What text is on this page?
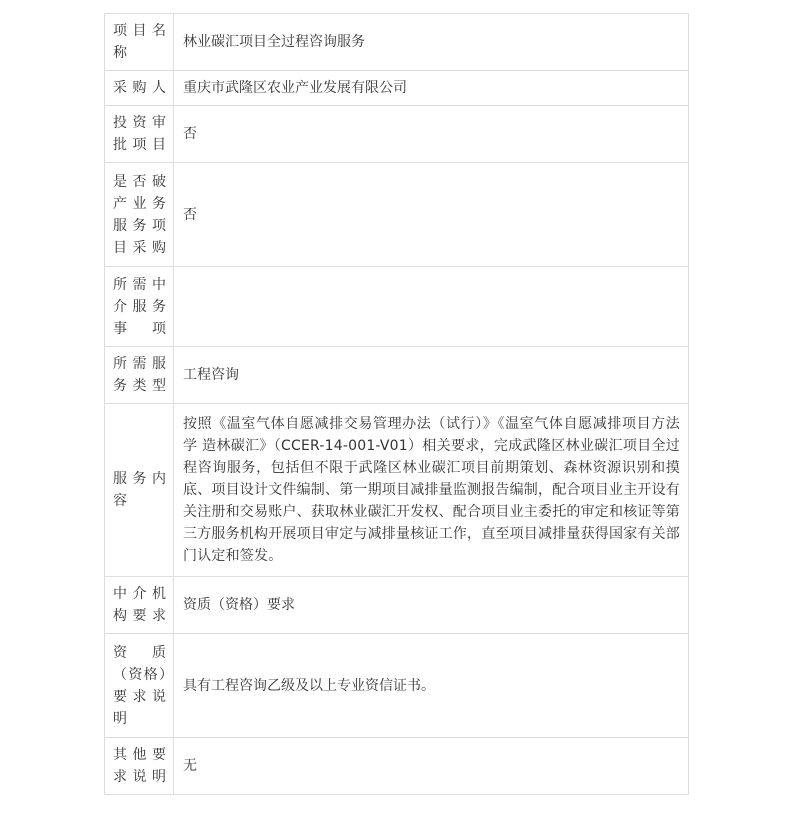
项目名称	林业碳汇项目全过程咨询服务
采购人	重庆市武隆区农业产业发展有限公司
投资审批项目	否
是否破产业务服务项目采购	否
所需中介服务事项	
所需服务类型	工程咨询
服务内容	按照《温室气体自愿减排交易管理办法（试行）》《温室气体自愿减排项目方法学 造林碳汇》（CCER-14-001-V01）相关要求，完成武隆区林业碳汇项目全过程咨询服务，包括但不限于武隆区林业碳汇项目前期策划、森林资源识别和摸底、项目设计文件编制、第一期项目减排量监测报告编制，配合项目业主开设有关注册和交易账户、获取林业碳汇开发权、配合项目业主委托的审定和核证等第三方服务机构开展项目审定与减排量核证工作，直至项目减排量获得国家有关部门认定和签发。
中介机构要求	资质（资格）要求
资质（资格）要求说明	具有工程咨询乙级及以上专业资信证书。
其他要求说明	无
